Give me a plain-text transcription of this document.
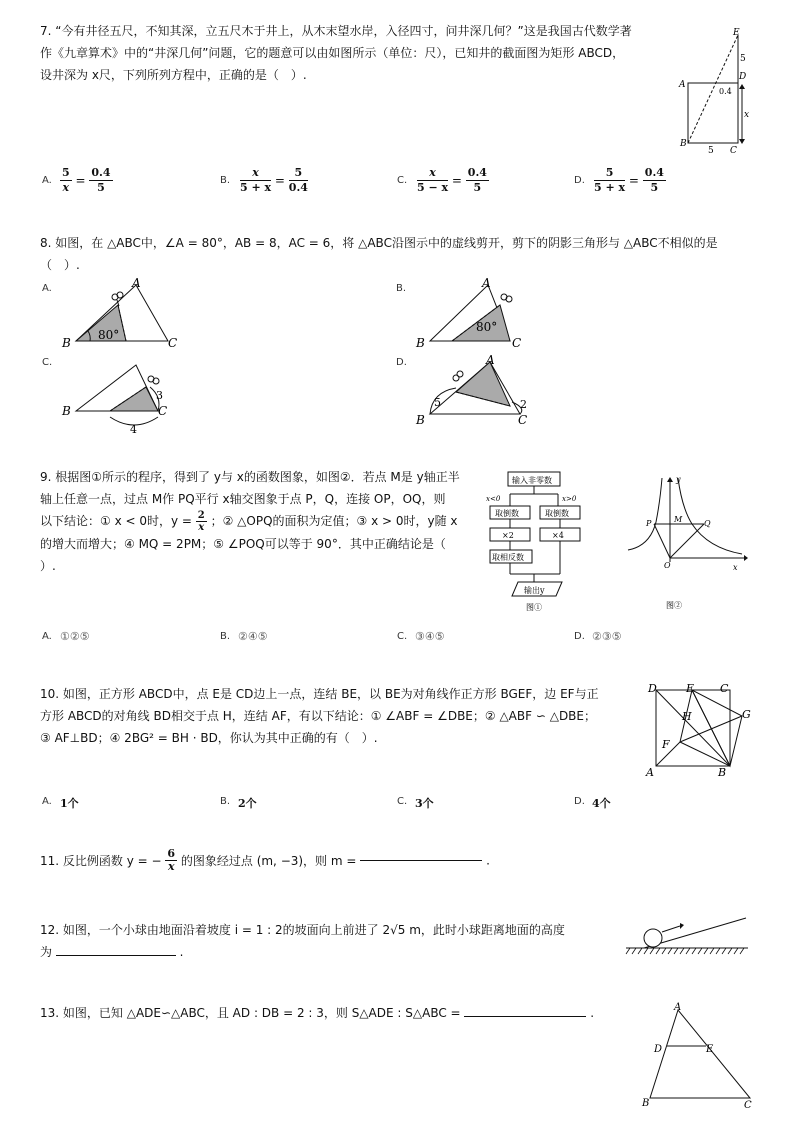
7. “今有井径五尺，不知其深，立五尺木于井上，从木末望水岸，入径四寸，问井深几何？”这是我国古代数学著
作《九章算术》中的“井深几何”问题，它的题意可以由如图所示（单位：尺），已知井的截面图为矩形 ABCD，
设井深为 x尺，下列所列方程中，正确的是（　）.
E
5
D
A
0.4
x
B
5 C
A. $\frac{5}{x} = \frac{0.4}{5}$	B. $\frac{x}{5 + x} = \frac{5}{0.4}$	C. $\frac{x}{5 - x} = \frac{0.4}{5}$	D. $\frac{5}{5 + x} = \frac{0.4}{5}$
8. 如图，在 △ABC中，∠A = 80°，AB = 8，AC = 6，将 △ABC沿图示中的虚线剪开，剪下的阴影三角形与 △ABC不相似的是
（　）.
A.
80°
A
B	C
B.
80°
A
B	C
C.
3
4
B	C
D.
5	2
A
B	C
9. 根据图①所示的程序，得到了 y与 x的函数图象，如图②．若点 M是 y轴正半
轴上任意一点，过点 M作 PQ平行 x轴交图象于点 P，Q，连接 OP，OQ，则
以下结论：① x < 0时，$y = \frac{2}{x}$ ；② △OPQ的面积为定值；③ x > 0时，y随 x
的增大而增大；④ MQ = 2PM；⑤ ∠POQ可以等于 90°．其中正确结论是（
）.
输入非零数
x<0	x>0
取倒数	取倒数
×2	×4
取相反数
输出y
图①
y
x
P	M	Q
O
图②
A. ①②⑤	B. ②④⑤	C. ③④⑤	D. ②③⑤
10. 如图，正方形 ABCD中，点 E是 CD边上一点，连结 BE，以 BE为对角线作正方形 BGEF，边 EF与正
方形 ABCD的对角线 BD相交于点 H，连结 AF，有以下结论：① ∠ABF = ∠DBE；② △ABF ∽ △DBE；
③ AF⊥BD；④ 2BG² = BH · BD，你认为其中正确的有（　）.
D	E C
H	G
F
A	B
A. 1个	B. 2个	C. 3个	D. 4个
11. 反比例函数 y = − $\frac{6}{x}$ 的图象经过点 (m, −3)，则 m =	.
12. 如图，一个小球由地面沿着坡度 i = 1 : 2的坡面向上前进了 2√5 m，此时小球距离地面的高度
为	.
13. 如图，已知 △ADE∽△ABC，且 AD : DB = 2 : 3，则 S△ADE : S△ABC =	.	A
D	E
B	C
